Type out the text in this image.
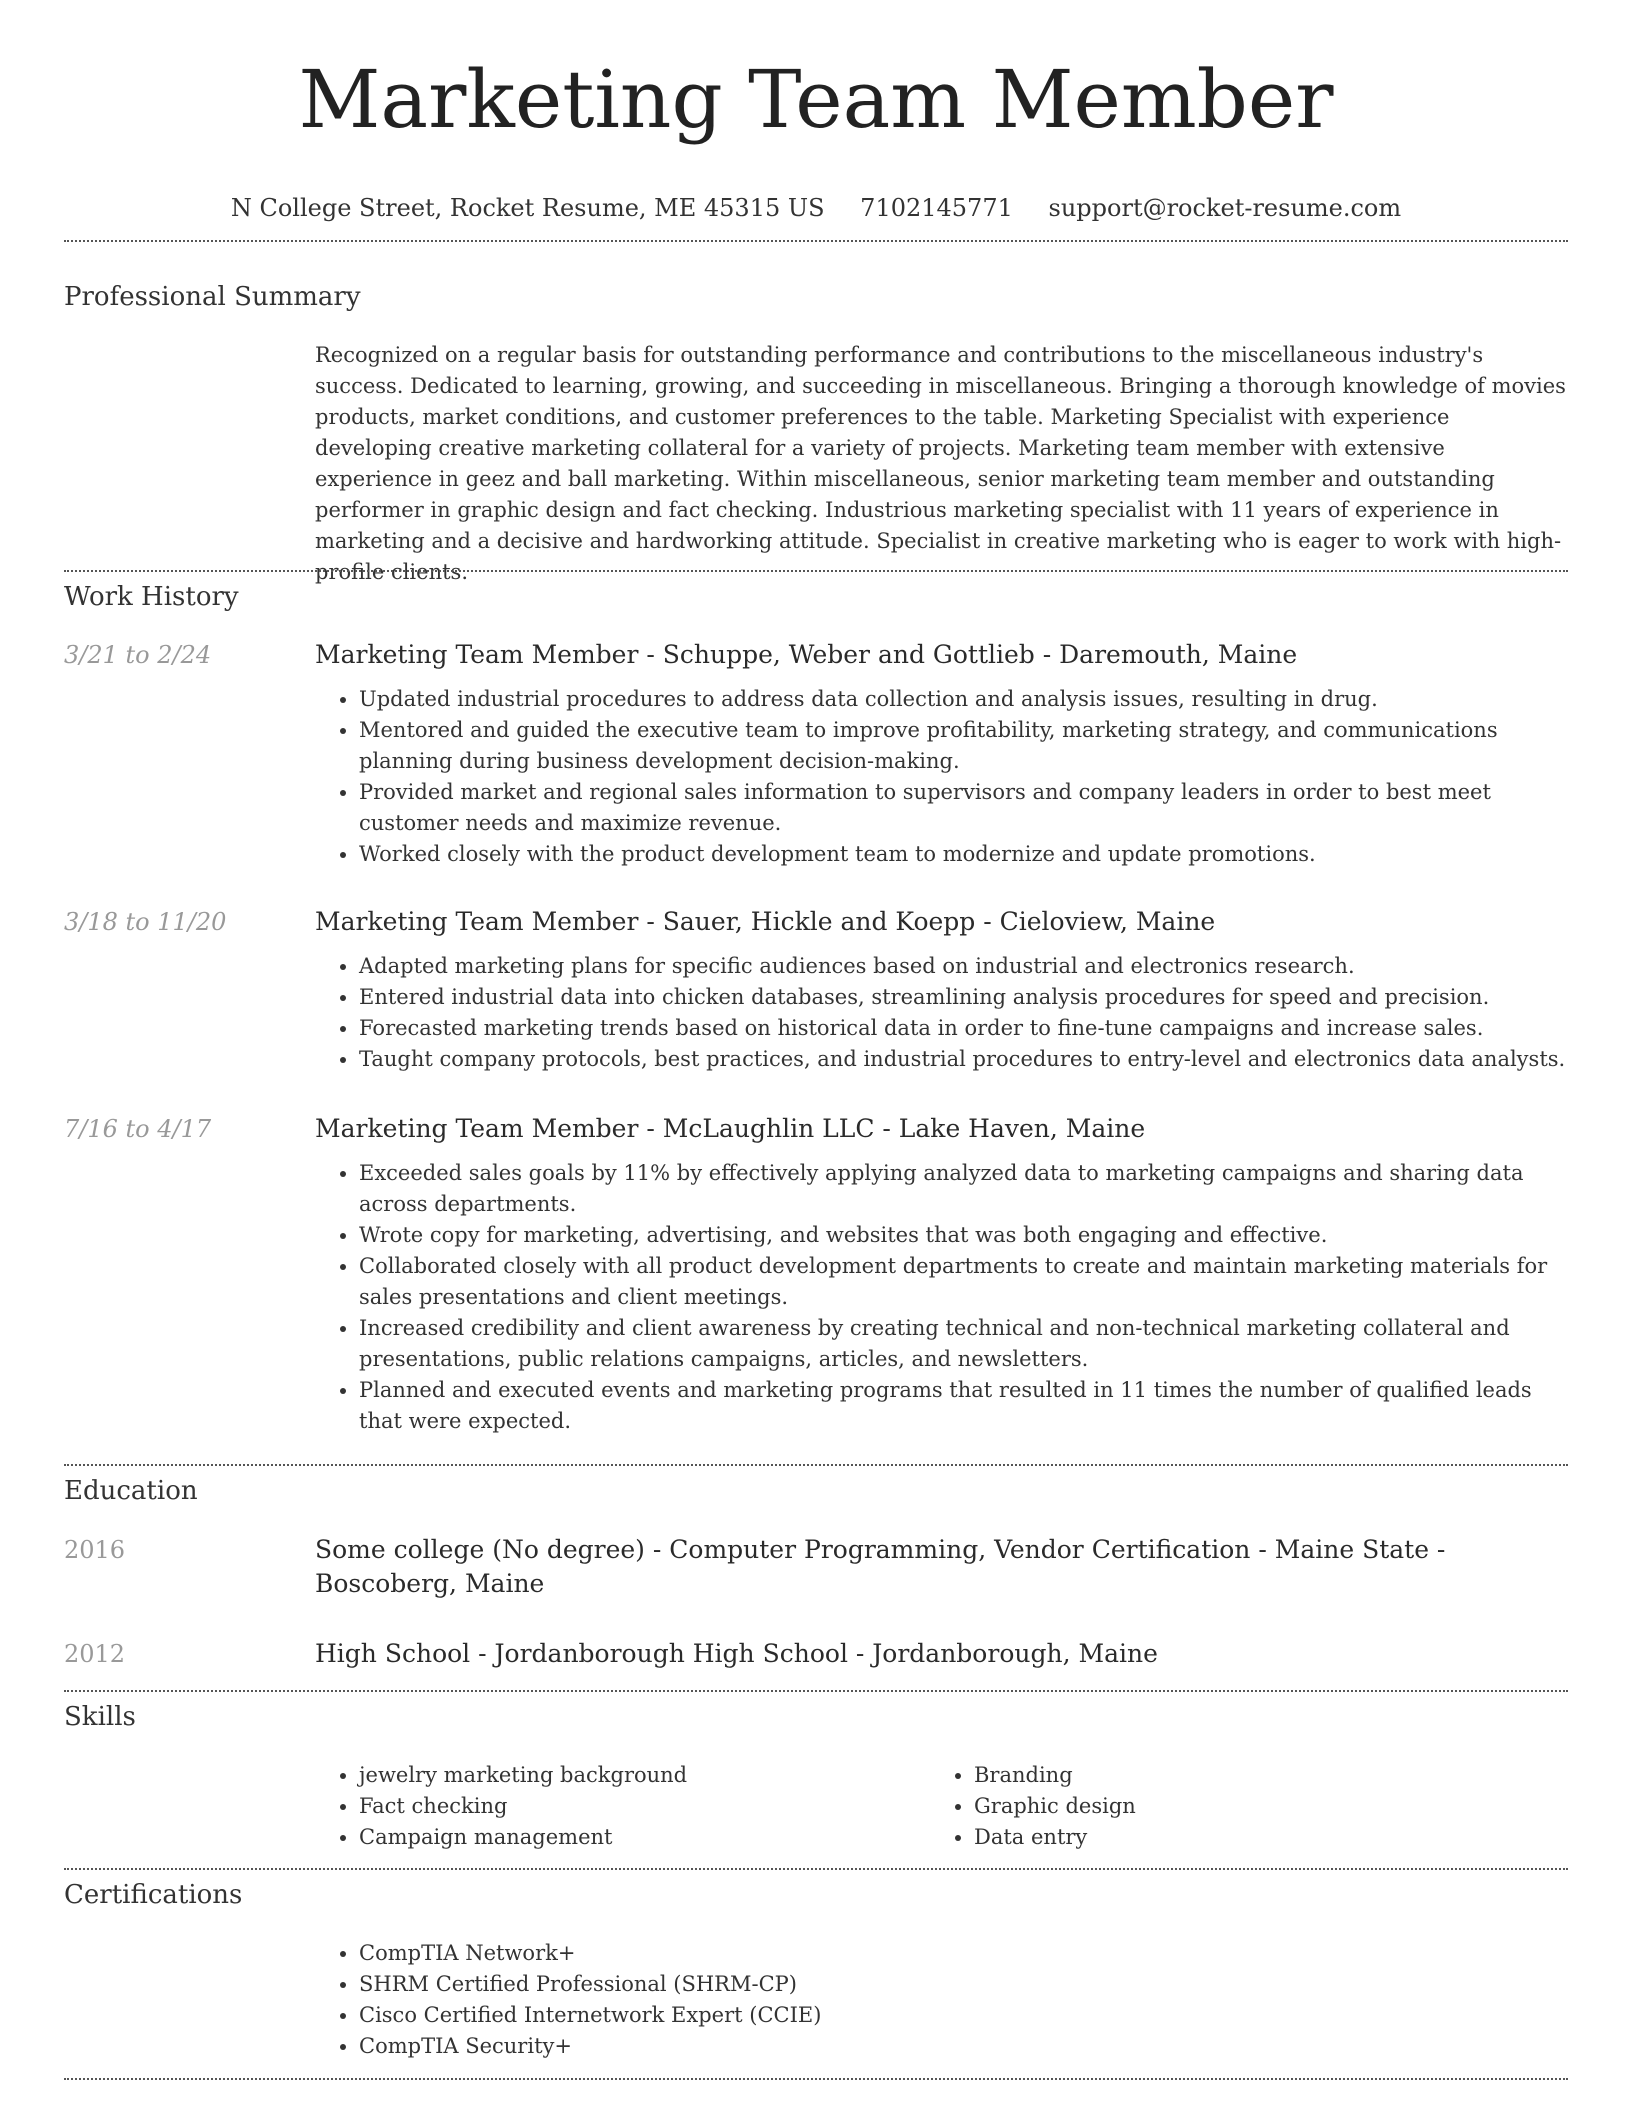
Marketing Team Member
N College Street, Rocket Resume, ME 45315 US 7102145771 support@rocket-resume.com
Professional Summary
Recognized on a regular basis for outstanding performance and contributions to the miscellaneous industry's success. Dedicated to learning, growing, and succeeding in miscellaneous. Bringing a thorough knowledge of movies products, market conditions, and customer preferences to the table. Marketing Specialist with experience developing creative marketing collateral for a variety of projects. Marketing team member with extensive experience in geez and ball marketing. Within miscellaneous, senior marketing team member and outstanding performer in graphic design and fact checking. Industrious marketing specialist with 11 years of experience in marketing and a decisive and hardworking attitude. Specialist in creative marketing who is eager to work with high-profile clients.
Work History
3/21 to 2/24	Marketing Team Member - Schuppe, Weber and Gottlieb - Daremouth, Maine
• Updated industrial procedures to address data collection and analysis issues, resulting in drug.
• Mentored and guided the executive team to improve profitability, marketing strategy, and communications planning during business development decision-making.
• Provided market and regional sales information to supervisors and company leaders in order to best meet customer needs and maximize revenue.
• Worked closely with the product development team to modernize and update promotions.
3/18 to 11/20	Marketing Team Member - Sauer, Hickle and Koepp - Cieloview, Maine
• Adapted marketing plans for specific audiences based on industrial and electronics research.
• Entered industrial data into chicken databases, streamlining analysis procedures for speed and precision.
• Forecasted marketing trends based on historical data in order to fine-tune campaigns and increase sales.
• Taught company protocols, best practices, and industrial procedures to entry-level and electronics data analysts.
7/16 to 4/17	Marketing Team Member - McLaughlin LLC - Lake Haven, Maine
• Exceeded sales goals by 11% by effectively applying analyzed data to marketing campaigns and sharing data across departments.
• Wrote copy for marketing, advertising, and websites that was both engaging and effective.
• Collaborated closely with all product development departments to create and maintain marketing materials for sales presentations and client meetings.
• Increased credibility and client awareness by creating technical and non-technical marketing collateral and presentations, public relations campaigns, articles, and newsletters.
• Planned and executed events and marketing programs that resulted in 11 times the number of qualified leads that were expected.
Education
2016	Some college (No degree) - Computer Programming, Vendor Certification - Maine State - Boscoberg, Maine
2012	High School - Jordanborough High School - Jordanborough, Maine
Skills
• jewelry marketing background
• Fact checking
• Campaign management
• Branding
• Graphic design
• Data entry
Certifications
• CompTIA Network+
• SHRM Certified Professional (SHRM-CP)
• Cisco Certified Internetwork Expert (CCIE)
• CompTIA Security+
